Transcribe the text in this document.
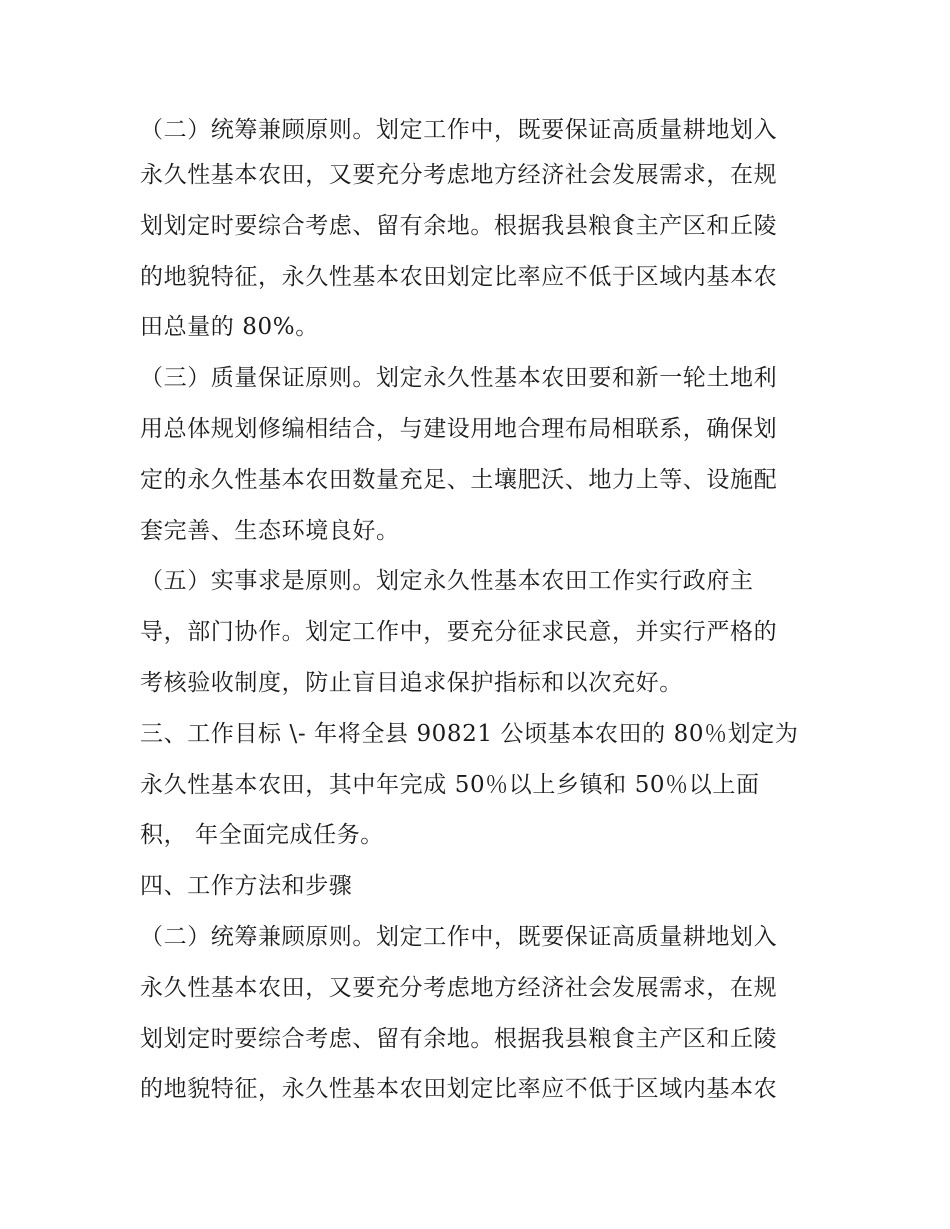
（二）统筹兼顾原则。划定工作中，既要保证高质量耕地划入
永久性基本农田，又要充分考虑地方经济社会发展需求，在规
划划定时要综合考虑、留有余地。根据我县粮食主产区和丘陵
的地貌特征，永久性基本农田划定比率应不低于区域内基本农
田总量的 80%。
（三）质量保证原则。划定永久性基本农田要和新一轮土地利
用总体规划修编相结合，与建设用地合理布局相联系，确保划
定的永久性基本农田数量充足、土壤肥沃、地力上等、设施配
套完善、生态环境良好。
（五）实事求是原则。划定永久性基本农田工作实行政府主
导，部门协作。划定工作中，要充分征求民意，并实行严格的
考核验收制度，防止盲目追求保护指标和以次充好。
三、工作目标 \- 年将全县 90821 公顷基本农田的 80％划定为
永久性基本农田，其中年完成 50％以上乡镇和 50％以上面
积， 年全面完成任务。
四、工作方法和步骤
（二）统筹兼顾原则。划定工作中，既要保证高质量耕地划入
永久性基本农田，又要充分考虑地方经济社会发展需求，在规
划划定时要综合考虑、留有余地。根据我县粮食主产区和丘陵
的地貌特征，永久性基本农田划定比率应不低于区域内基本农
